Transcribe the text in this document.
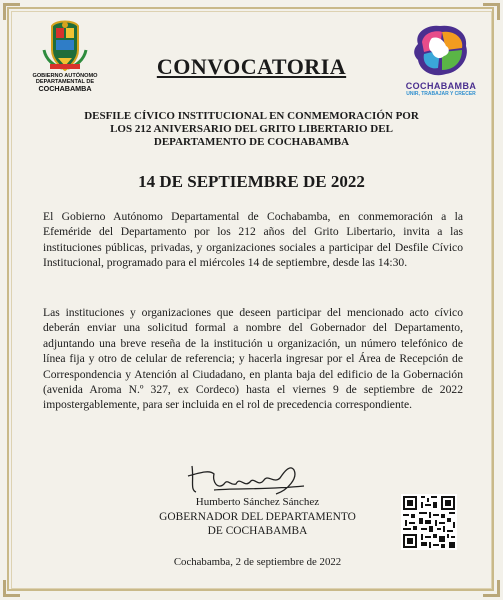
GOBIERNO AUTÓNOMO
DEPARTAMENTAL DE
COCHABAMBA	COCHABAMBA
UNIR, TRABAJAR Y CRECER
CONVOCATORIA
DESFILE CÍVICO INSTITUCIONAL EN CONMEMORACIÓN POR
LOS 212 ANIVERSARIO DEL GRITO LIBERTARIO DEL
DEPARTAMENTO DE COCHABAMBA
14 DE SEPTIEMBRE DE 2022
El Gobierno Autónomo Departamental de Cochabamba, en conmemoración a la Efeméride del Departamento por los 212 años del Grito Libertario, invita a las instituciones públicas, privadas, y organizaciones sociales a participar del Desfile Cívico Institucional, programado para el miércoles 14 de septiembre, desde las 14:30.
Las instituciones y organizaciones que deseen participar del mencionado acto cívico deberán enviar una solicitud formal a nombre del Gobernador del Departamento, adjuntando una breve reseña de la institución u organización, un número telefónico de línea fija y otro de celular de referencia; y hacerla ingresar por el Área de Recepción de Correspondencia y Atención al Ciudadano, en planta baja del edificio de la Gobernación (avenida Aroma N.º 327, ex Cordeco) hasta el viernes 9 de septiembre de 2022 impostergablemente, para ser incluida en el rol de precedencia correspondiente.
Humberto Sánchez Sánchez
GOBERNADOR DEL DEPARTAMENTO
DE COCHABAMBA
Cochabamba, 2 de septiembre de 2022
